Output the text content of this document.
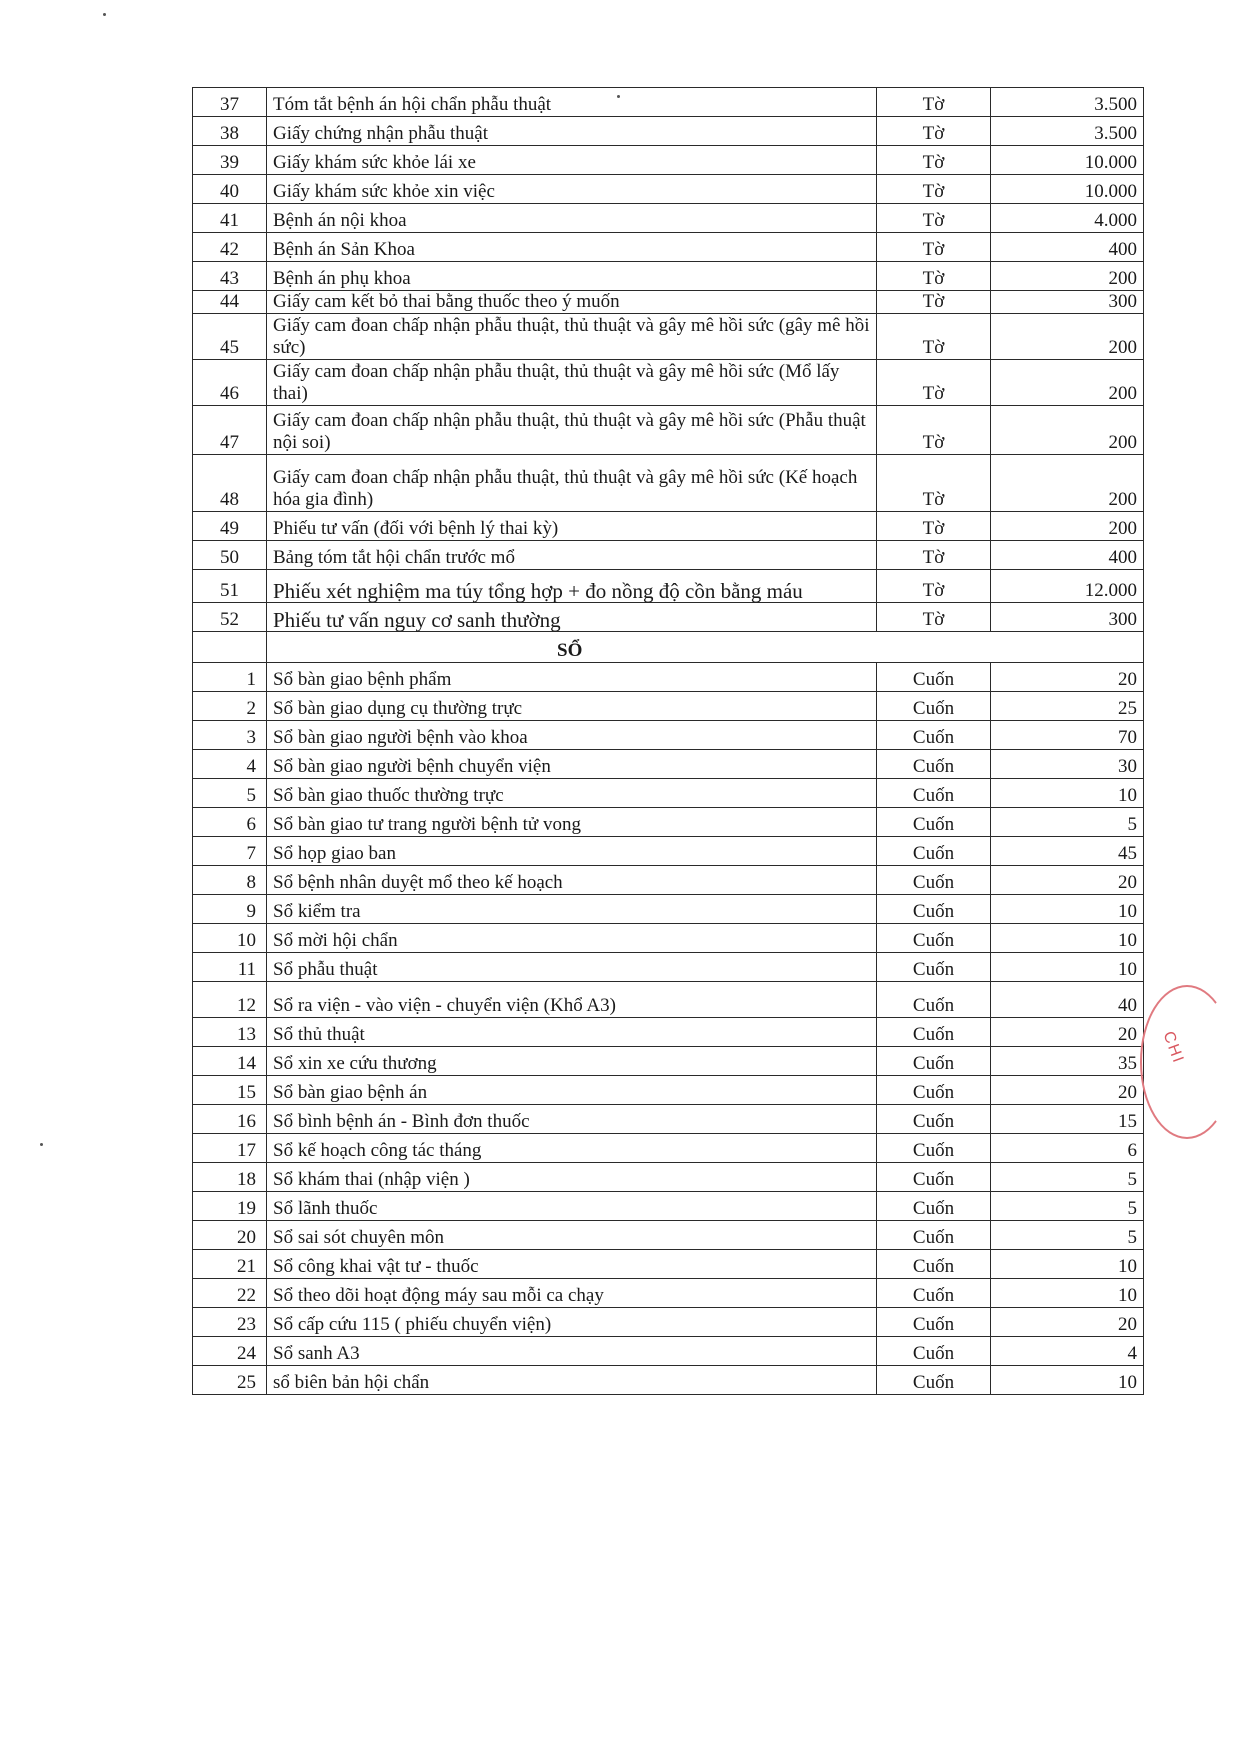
37	Tóm tắt bệnh án hội chẩn phẫu thuật	Tờ	3.500
38	Giấy chứng nhận phẫu thuật	Tờ	3.500
39	Giấy khám sức khỏe lái xe	Tờ	10.000
40	Giấy khám sức khỏe xin việc	Tờ	10.000
41	Bệnh án nội khoa	Tờ	4.000
42	Bệnh án Sản Khoa	Tờ	400
43	Bệnh án phụ khoa	Tờ	200
44	Giấy cam kết bỏ thai bằng thuốc theo ý muốn	Tờ	300
45	Giấy cam đoan chấp nhận phẫu thuật, thủ thuật và gây mê hồi sức (gây mê hồi sức)	Tờ	200
46	Giấy cam đoan chấp nhận phẫu thuật, thủ thuật và gây mê hồi sức (Mổ lấy thai)	Tờ	200
47	Giấy cam đoan chấp nhận phẫu thuật, thủ thuật và gây mê hồi sức (Phẫu thuật nội soi)	Tờ	200
48	Giấy cam đoan chấp nhận phẫu thuật, thủ thuật và gây mê hồi sức (Kế hoạch hóa gia đình)	Tờ	200
49	Phiếu tư vấn (đối với bệnh lý thai kỳ)	Tờ	200
50	Bảng tóm tắt hội chẩn trước mổ	Tờ	400
51	Phiếu xét nghiệm ma túy tổng hợp + đo nồng độ cồn bằng máu	Tờ	12.000
52	Phiếu tư vấn nguy cơ sanh thường	Tờ	300
	SỔ		
1	Sổ bàn giao bệnh phẩm	Cuốn	20
2	Sổ bàn giao dụng cụ thường trực	Cuốn	25
3	Sổ bàn giao người bệnh vào khoa	Cuốn	70
4	Sổ bàn giao người bệnh chuyển viện	Cuốn	30
5	Sổ bàn giao thuốc thường trực	Cuốn	10
6	Sổ bàn giao tư trang người bệnh tử vong	Cuốn	5
7	Sổ họp giao ban	Cuốn	45
8	Sổ bệnh nhân duyệt mổ theo kế hoạch	Cuốn	20
9	Sổ kiểm tra	Cuốn	10
10	Sổ mời hội chẩn	Cuốn	10
11	Sổ phẫu thuật	Cuốn	10
12	Sổ ra viện - vào viện - chuyển viện (Khổ A3)	Cuốn	40
13	Sổ thủ thuật	Cuốn	20
14	Sổ xin xe cứu thương	Cuốn	35
15	Sổ bàn giao bệnh án	Cuốn	20
16	Sổ bình bệnh án - Bình đơn thuốc	Cuốn	15
17	Sổ kế hoạch công tác tháng	Cuốn	6
18	Sổ khám thai (nhập viện )	Cuốn	5
19	Sổ lãnh thuốc	Cuốn	5
20	Sổ sai sót chuyên môn	Cuốn	5
21	Sổ công khai vật tư - thuốc	Cuốn	10
22	Sổ theo dõi hoạt động máy sau mỗi ca chạy	Cuốn	10
23	Sổ cấp cứu 115 ( phiếu chuyển viện)	Cuốn	20
24	Sổ sanh A3	Cuốn	4
25	sổ biên bản hội chẩn	Cuốn	10
CHI
